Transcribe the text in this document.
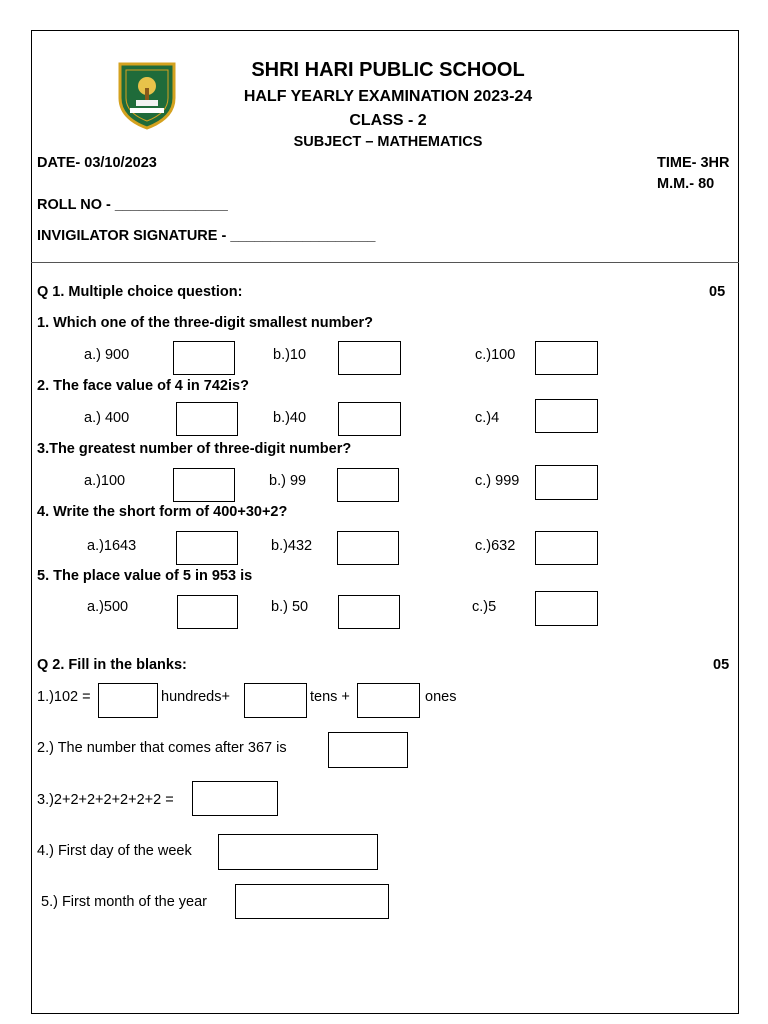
SHRI HARI PUBLIC SCHOOL
HALF YEARLY EXAMINATION 2023-24
CLASS - 2
SUBJECT – MATHEMATICS
DATE- 03/10/2023	TIME- 3HR
M.M.- 80
ROLL NO - ______________
INVIGILATOR SIGNATURE - __________________
Q 1. Multiple choice question:	05
1. Which one of the three-digit smallest number?
a.) 900	b.)10	c.)100
2. The face value of 4 in 742is?
a.) 400	b.)40	c.)4
3.The greatest number of three-digit number?
a.)100	b.) 99	c.) 999
4. Write the short form of 400+30+2?
a.)1643	b.)432	c.)632
5. The place value of 5 in 953 is
a.)500	b.) 50	c.)5
Q 2. Fill in the blanks:	05
1.)102 =	hundreds+	tens +	ones
2.) The number that comes after 367 is
3.)2+2+2+2+2+2+2 =
4.) First day of the week
5.) First month of the year
